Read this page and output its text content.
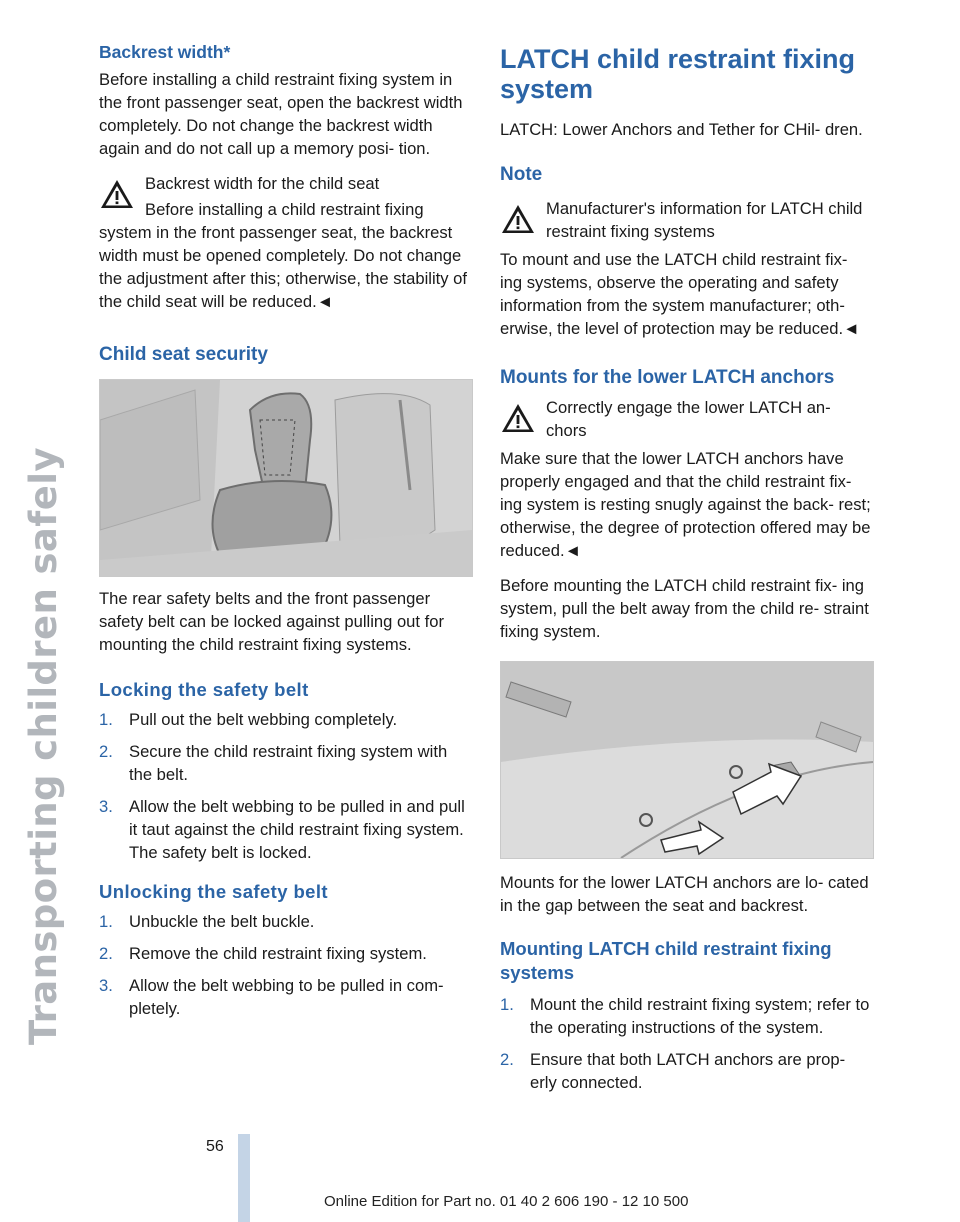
Transporting children safely

Backrest width*

Before installing a child restraint fixing system in the front passenger seat, open the backrest width completely. Do not change the backrest width again and do not call up a memory posi- tion.

Backrest width for the child seat

Before installing a child restraint fixing

system in the front passenger seat, the backrest width must be opened completely. Do not change the adjustment after this; otherwise, the stability of the child seat will be reduced.◄

Child seat security

The rear safety belts and the front passenger safety belt can be locked against pulling out for mounting the child restraint fixing systems.

Locking the safety belt

1. Pull out the belt webbing completely.
2. Secure the child restraint fixing system with the belt.
3. Allow the belt webbing to be pulled in and pull it taut against the child restraint fixing system. The safety belt is locked.

Unlocking the safety belt

1. Unbuckle the belt buckle.
2. Remove the child restraint fixing system.
3. Allow the belt webbing to be pulled in com- pletely.

LATCH child restraint fixing system

LATCH: Lower Anchors and Tether for CHil- dren.

Note

Manufacturer's information for LATCH child restraint fixing systems

To mount and use the LATCH child restraint fix- ing systems, observe the operating and safety information from the system manufacturer; oth- erwise, the level of protection may be reduced.◄

Mounts for the lower LATCH anchors

Correctly engage the lower LATCH an- chors

Make sure that the lower LATCH anchors have properly engaged and that the child restraint fix- ing system is resting snugly against the back- rest; otherwise, the degree of protection offered may be reduced.◄

Before mounting the LATCH child restraint fix- ing system, pull the belt away from the child re- straint fixing system.

Mounts for the lower LATCH anchors are lo- cated in the gap between the seat and backrest.

Mounting LATCH child restraint fixing systems

1. Mount the child restraint fixing system; refer to the operating instructions of the system.
2. Ensure that both LATCH anchors are prop- erly connected.
56
Online Edition for Part no. 01 40 2 606 190 - 12 10 500
